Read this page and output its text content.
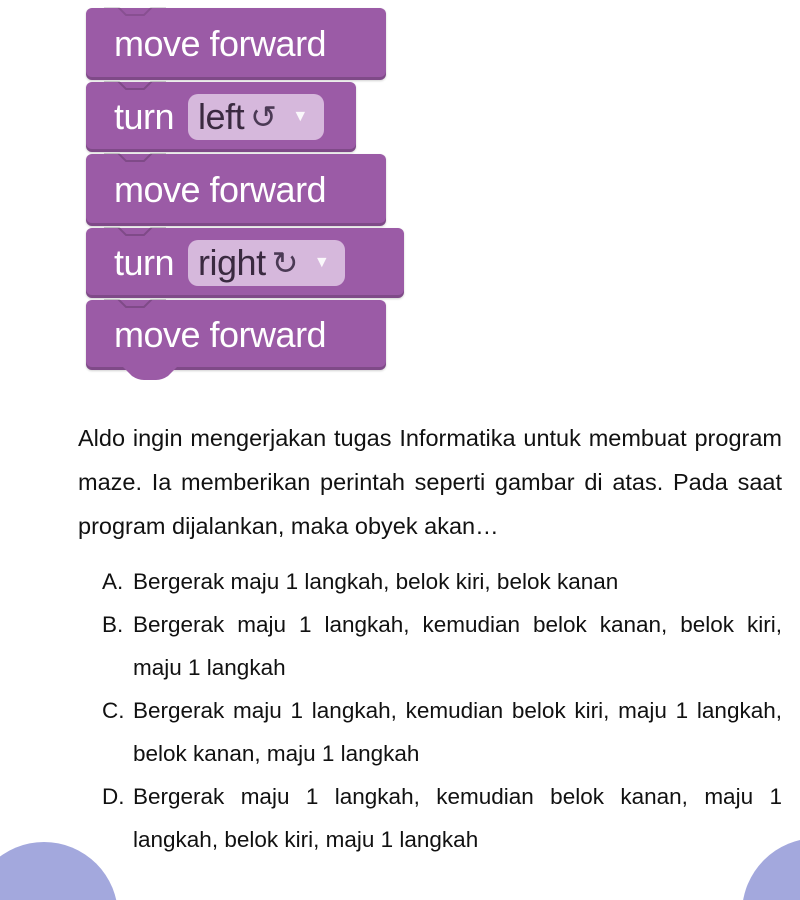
move forward
turn left ↺ ▼
move forward
turn right ↻ ▼
move forward

Aldo ingin mengerjakan tugas Informatika untuk membuat program maze. Ia memberikan perintah seperti gambar di atas. Pada saat program dijalankan, maka obyek akan…

A. Bergerak maju 1 langkah, belok kiri, belok kanan
B. Bergerak maju 1 langkah, kemudian belok kanan, belok kiri, maju 1 langkah
C. Bergerak maju 1 langkah, kemudian belok kiri, maju 1 langkah, belok kanan, maju 1 langkah
D. Bergerak maju 1 langkah, kemudian belok kanan, maju 1 langkah, belok kiri, maju 1 langkah
